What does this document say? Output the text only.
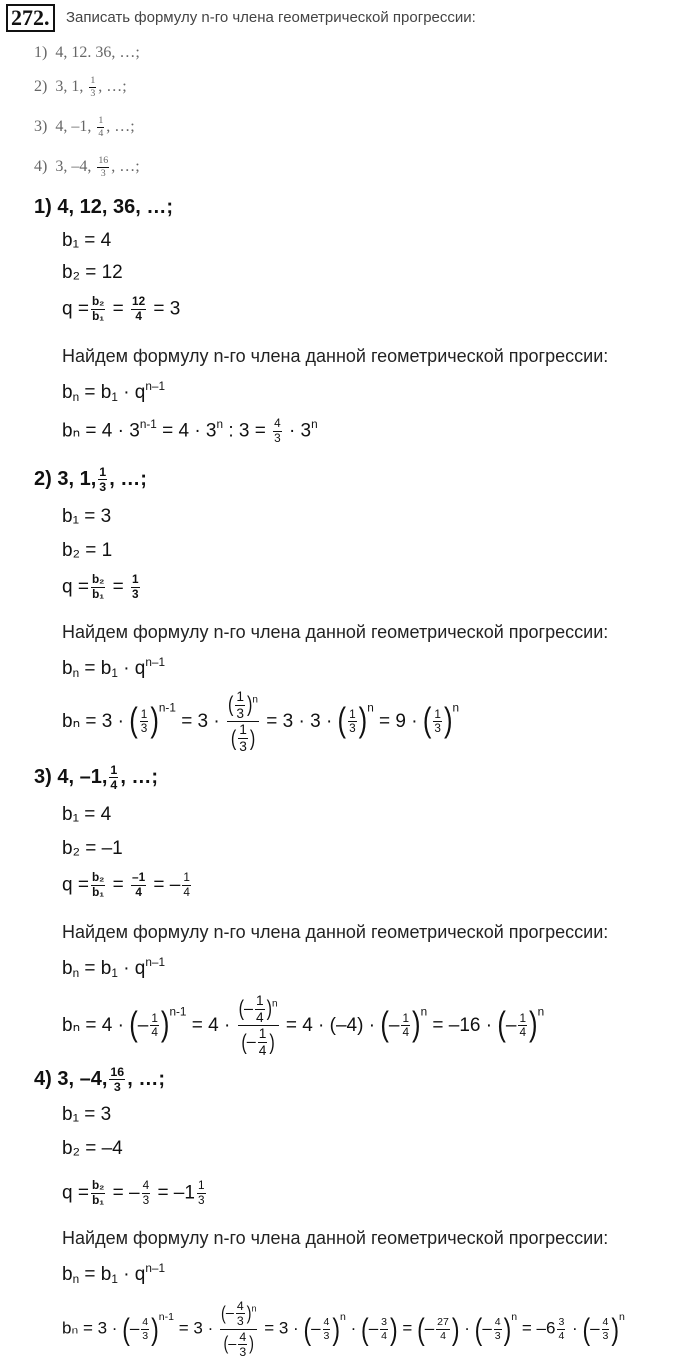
272.	Записать формулу n-го члена геометрической прогрессии:
1) 4, 12. 36, …;
2) 3, 1, $\frac{1}{3}$ , …;
3) 4, –1, $\frac{1}{4}$ , …;
4) 3, –4, $\frac{16}{3}$ , …;
1) 4, 12, 36, …;
b₁ = 4
b₂ = 12
$q = \frac{\text{b₂}}{\text{b₁}} = \frac{12}{4} = 3$
Найдем формулу n-го члена данной геометрической прогрессии:
$b_n = b_1 \cdot q^{n-1}$
$b_n = 4 \cdot 3^{n-1} = 4 \cdot 3^n$ : $3 = \frac{4}{3} \cdot 3^n$
2) 3, 1, $\frac{1}{3}$ , …;
b₁ = 3
b₂ = 1
$q = \frac{\text{b₂}}{\text{b₁}} = \frac{1}{3}$
Найдем формулу n-го члена данной геометрической прогрессии:
$b_n = b_1 \cdot q^{n-1}$
bₙ = 3 · ( $\frac{1}{3} )^{n-1} = 3 \cdot \frac{( \frac{1}{3} )^n}{( \frac{1}{3} )} = 3 \cdot 3$ · ( $\frac{1}{3} )^n = 9$ · ( $\frac{1}{3} )^n$
3) 4, –1, $\frac{1}{4}$ , …;
b₁ = 4
b₂ = –1
$q = \frac{\text{b₂}}{\text{b₁}} = \frac{-1}{4}$ = – $\frac{1}{4}$
Найдем формулу n-го члена данной геометрической прогрессии:
$b_n = b_1 \cdot q^{n-1}$
bₙ = 4 · (– $\frac{1}{4} )^{n-1} = 4 \cdot \frac{(- \frac{1}{4} )^n}{(- \frac{1}{4} )} = 4 \cdot (-4)$ · (– $\frac{1}{4} )^n = -16$ · (– $\frac{1}{4} )^n$
4) 3, –4, $\frac{16}{3}$ , …;
b₁ = 3
b₂ = –4
$q = \frac{\text{b₂}}{\text{b₁}}$ = – $\frac{4}{3} = -1 \frac{1}{3}$
Найдем формулу n-го члена данной геометрической прогрессии:
$b_n = b_1 \cdot q^{n-1}$
bₙ = 3 · (– $\frac{4}{3} )^{n-1} = 3 \cdot \frac{(- \frac{4}{3} )^n}{(- \frac{4}{3} )} = 3$ · (– $\frac{4}{3} )^n$ · (– $\frac{3}{4}$ ) = (– $\frac{27}{4}$ ) · (– $\frac{4}{3} )^n = -6 \frac{3}{4}$ · (– $\frac{4}{3} )^n$
